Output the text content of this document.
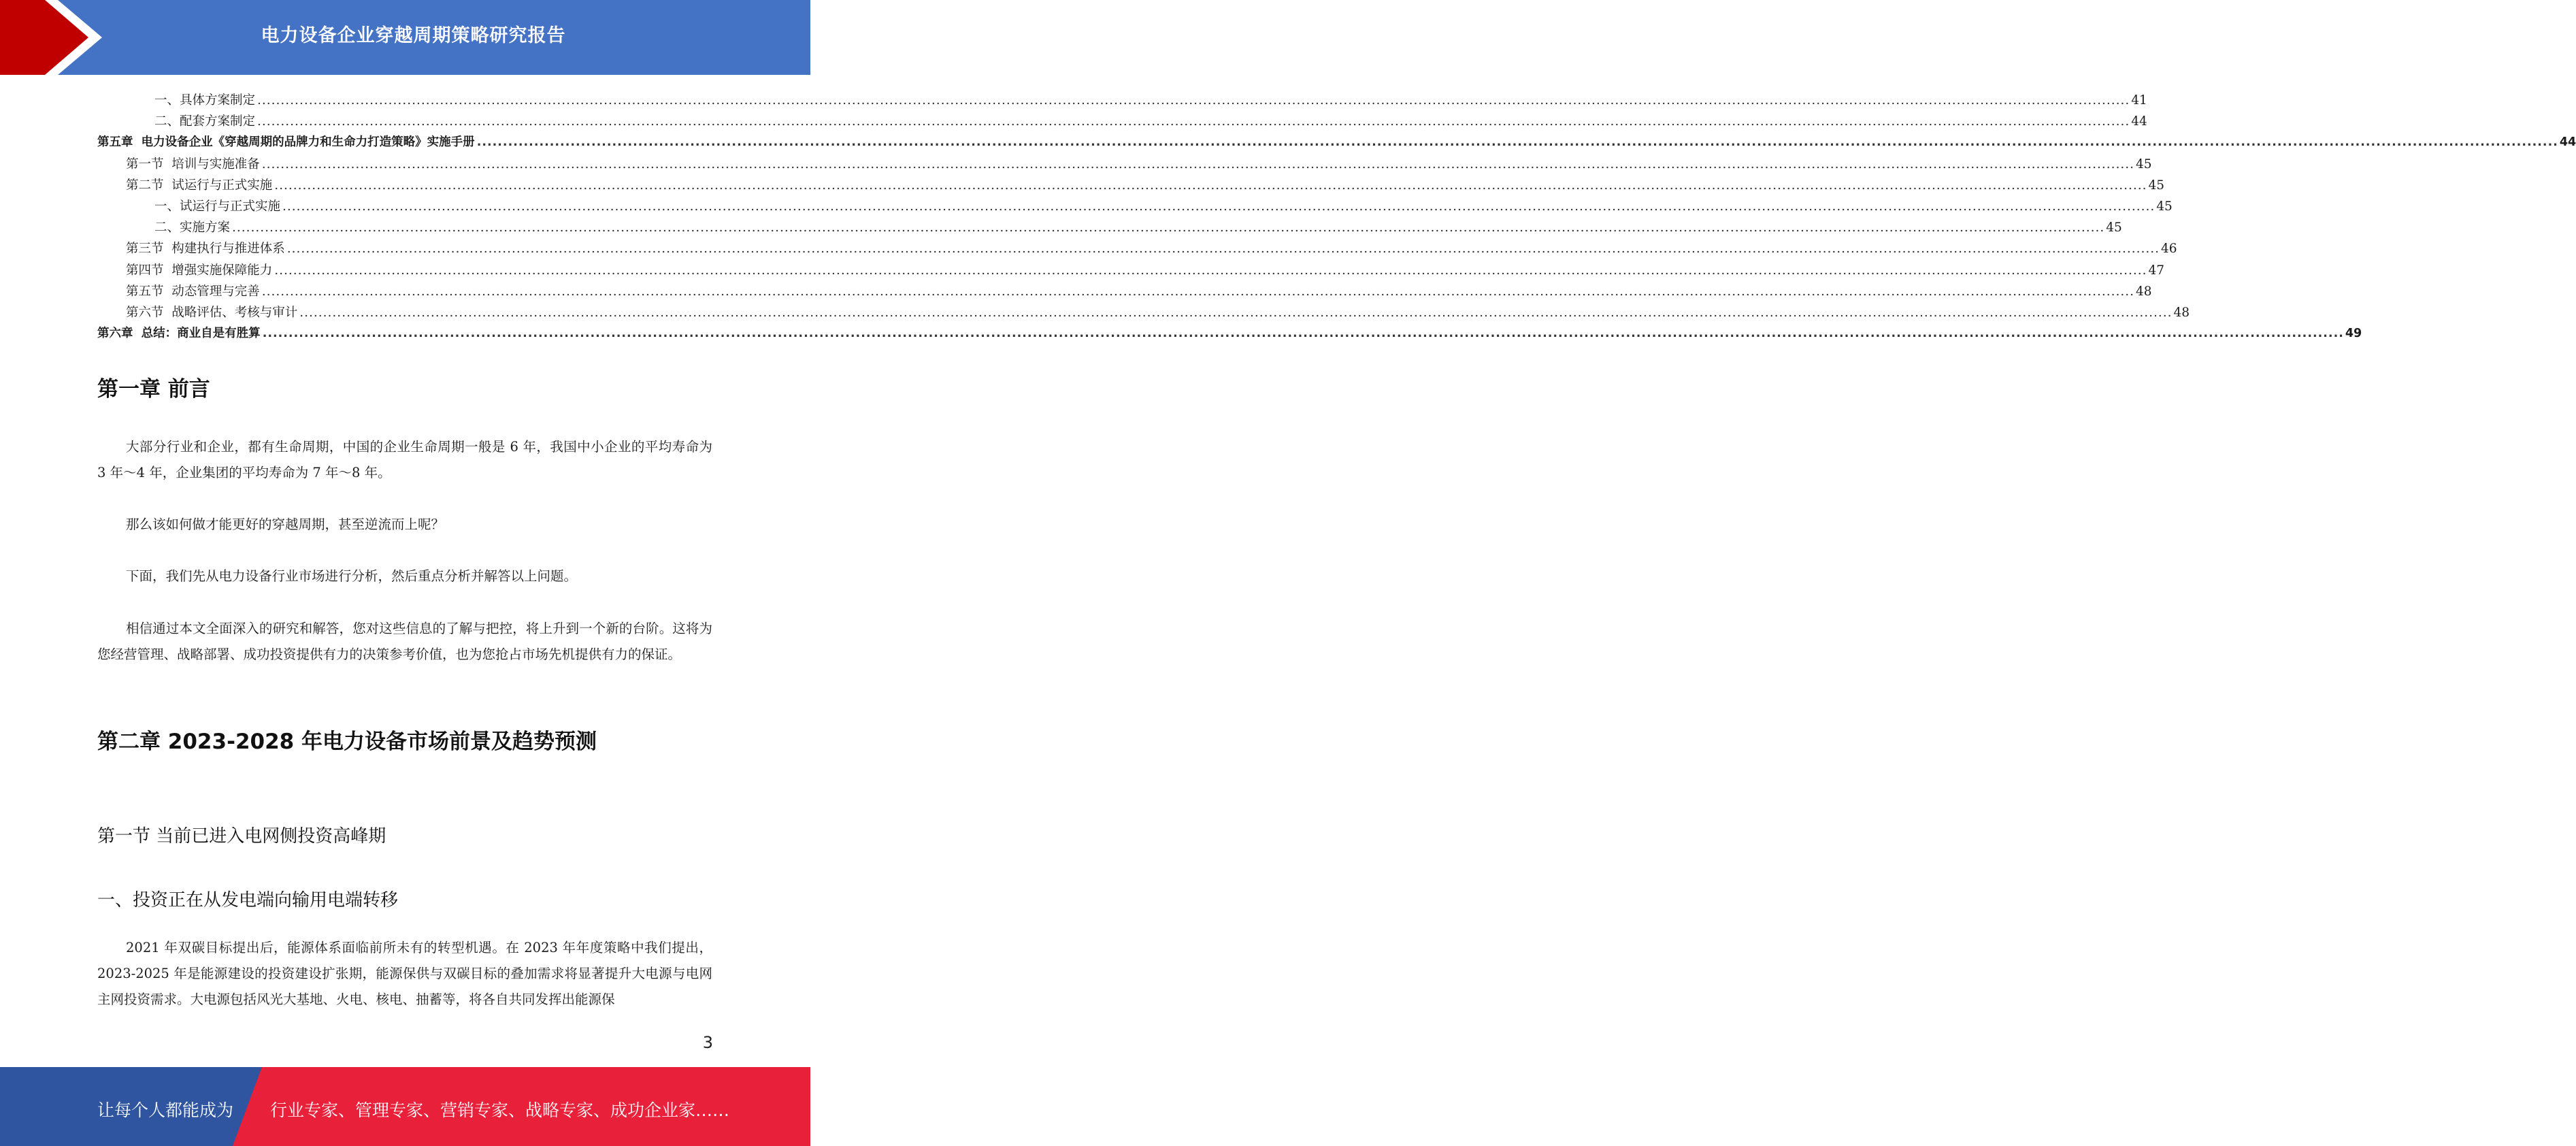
电力设备企业穿越周期策略研究报告
一、具体方案制定 ................................................................................................................................................................................................................................................................................................................................................................................................................ 41
二、配套方案制定 ................................................................................................................................................................................................................................................................................................................................................................................................................ 44
第五章  电力设备企业《穿越周期的品牌力和生命力打造策略》实施手册 ................................................................................................................................................................................................................................................................................................................................................................................................................ 44
第一节  培训与实施准备 ................................................................................................................................................................................................................................................................................................................................................................................................................ 45
第二节  试运行与正式实施 ................................................................................................................................................................................................................................................................................................................................................................................................................ 45
一、试运行与正式实施 ................................................................................................................................................................................................................................................................................................................................................................................................................ 45
二、实施方案 ................................................................................................................................................................................................................................................................................................................................................................................................................ 45
第三节  构建执行与推进体系 ................................................................................................................................................................................................................................................................................................................................................................................................................ 46
第四节  增强实施保障能力 ................................................................................................................................................................................................................................................................................................................................................................................................................ 47
第五节  动态管理与完善 ................................................................................................................................................................................................................................................................................................................................................................................................................ 48
第六节  战略评估、考核与审计 ................................................................................................................................................................................................................................................................................................................................................................................................................ 48
第六章  总结：商业自是有胜算 ................................................................................................................................................................................................................................................................................................................................................................................................................ 49
第一章 前言
大部分行业和企业，都有生命周期，中国的企业生命周期一般是 6 年，我国中小企业的平均寿命为 3 年～4 年，企业集团的平均寿命为 7 年～8 年。
那么该如何做才能更好的穿越周期，甚至逆流而上呢？
下面，我们先从电力设备行业市场进行分析，然后重点分析并解答以上问题。
相信通过本文全面深入的研究和解答，您对这些信息的了解与把控，将上升到一个新的台阶。这将为您经营管理、战略部署、成功投资提供有力的决策参考价值，也为您抢占市场先机提供有力的保证。
第二章 2023-2028 年电力设备市场前景及趋势预测
第一节 当前已进入电网侧投资高峰期
一、投资正在从发电端向输用电端转移
2021 年双碳目标提出后，能源体系面临前所未有的转型机遇。在 2023 年年度策略中我们提出，2023-2025 年是能源建设的投资建设扩张期，能源保供与双碳目标的叠加需求将显著提升大电源与电网主网投资需求。大电源包括风光大基地、火电、核电、抽蓄等，将各自共同发挥出能源保
3
让每个人都能成为 行业专家、管理专家、营销专家、战略专家、成功企业家……
